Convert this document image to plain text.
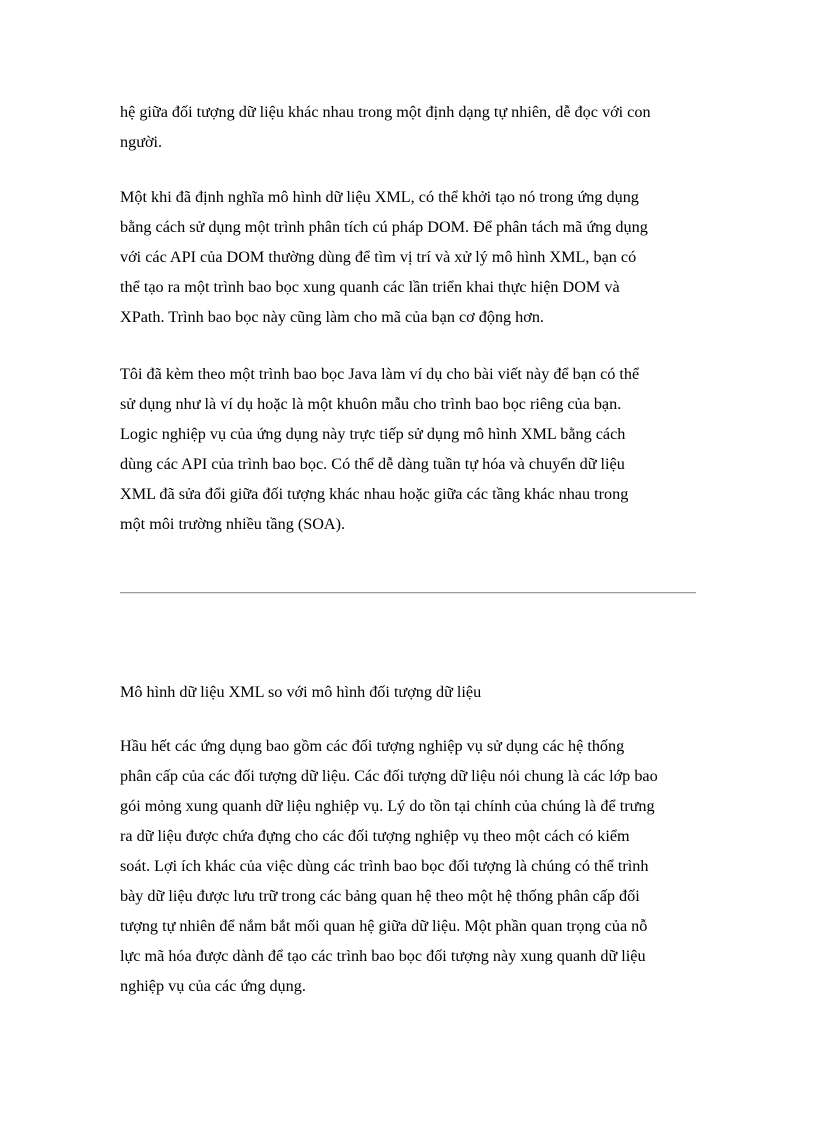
hệ giữa đối tượng dữ liệu khác nhau trong một định dạng tự nhiên, dễ đọc với con
người.

Một khi đã định nghĩa mô hình dữ liệu XML, có thể khởi tạo nó trong ứng dụng
bằng cách sử dụng một trình phân tích cú pháp DOM. Để phân tách mã ứng dụng
với các API của DOM thường dùng để tìm vị trí và xử lý mô hình XML, bạn có
thể tạo ra một trình bao bọc xung quanh các lần triển khai thực hiện DOM và
XPath. Trình bao bọc này cũng làm cho mã của bạn cơ động hơn.

Tôi đã kèm theo một trình bao bọc Java làm ví dụ cho bài viết này để bạn có thể
sử dụng như là ví dụ hoặc là một khuôn mẫu cho trình bao bọc riêng của bạn.
Logic nghiệp vụ của ứng dụng này trực tiếp sử dụng mô hình XML bằng cách
dùng các API của trình bao bọc. Có thể dễ dàng tuần tự hóa và chuyển dữ liệu
XML đã sửa đổi giữa đối tượng khác nhau hoặc giữa các tầng khác nhau trong
một môi trường nhiều tầng (SOA).

Mô hình dữ liệu XML so với mô hình đối tượng dữ liệu

Hầu hết các ứng dụng bao gồm các đối tượng nghiệp vụ sử dụng các hệ thống
phân cấp của các đối tượng dữ liệu. Các đối tượng dữ liệu nói chung là các lớp bao
gói mỏng xung quanh dữ liệu nghiệp vụ. Lý do tồn tại chính của chúng là để trưng
ra dữ liệu được chứa đựng cho các đối tượng nghiệp vụ theo một cách có kiểm
soát. Lợi ích khác của việc dùng các trình bao bọc đối tượng là chúng có thể trình
bày dữ liệu được lưu trữ trong các bảng quan hệ theo một hệ thống phân cấp đối
tượng tự nhiên để nắm bắt mối quan hệ giữa dữ liệu. Một phần quan trọng của nỗ
lực mã hóa được dành để tạo các trình bao bọc đối tượng này xung quanh dữ liệu
nghiệp vụ của các ứng dụng.
